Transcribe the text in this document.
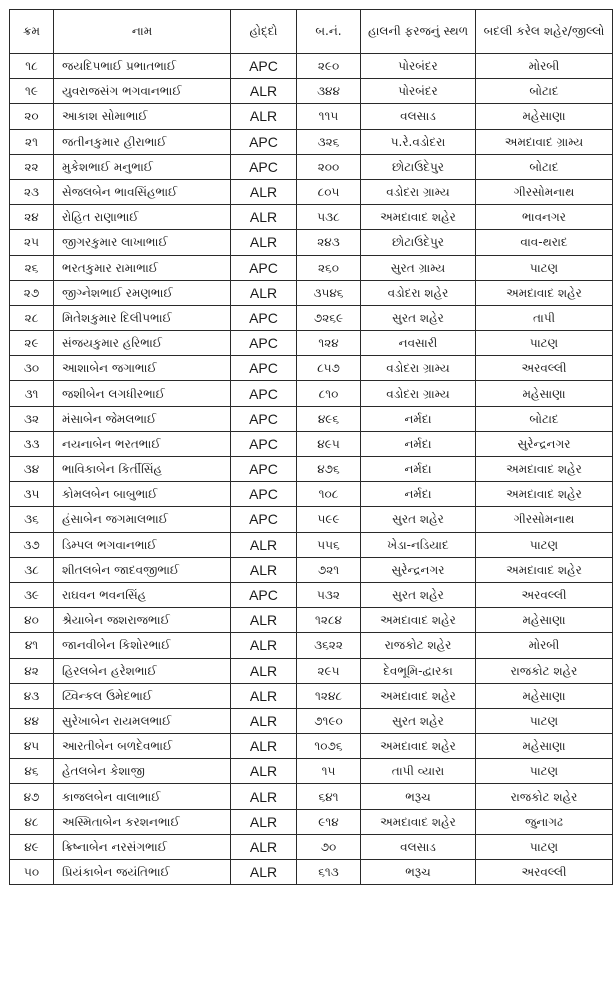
ક્રમ	નામ	હોદ્દો	બ.નં.	હાલની ફરજનું સ્થળ	બદલી કરેલ શહેર/જીલ્લો
૧૮	જયદિપભાઈ પ્રભાતભાઈ	APC	૨૯૦	પોરબંદર	મોરબી
૧૯	યુવરાજસંગ ભગવાનભાઈ	ALR	૩૪૪	પોરબંદર	બોટાદ
૨૦	આકાશ સોમાભાઈ	ALR	૧૧૫	વલસાડ	મહેસાણા
૨૧	જતીનકુમાર હીરાભાઈ	APC	૩૨૬	પ.રે.વડોદરા	અમદાવાદ ગ્રામ્ય
૨૨	મુકેશભાઈ મનુભાઈ	APC	૨૦૦	છોટાઉદેપુર	બોટાદ
૨૩	સેજલબેન ભાવસિંહભાઈ	ALR	૮૦૫	વડોદરા ગ્રામ્ય	ગીરસોમનાથ
૨૪	રોહિત રાણાભાઈ	ALR	૫૩૮	અમદાવાદ શહેર	ભાવનગર
૨૫	જીગરકુમાર લાખાભાઈ	ALR	૨૪૩	છોટાઉદેપુર	વાવ-થરાદ
૨૬	ભરતકુમાર રામાભાઈ	APC	૨૬૦	સુરત ગ્રામ્ય	પાટણ
૨૭	જીગ્નેશભાઈ રમણભાઈ	ALR	૩૫૪૬	વડોદરા શહેર	અમદાવાદ શહેર
૨૮	મિતેશકુમાર દિલીપભાઈ	APC	૭૨૬૯	સુરત શહેર	તાપી
૨૯	સંજયકુમાર હરિભાઈ	APC	૧૨૪	નવસારી	પાટણ
૩૦	આશાબેન જગાભાઈ	APC	૮૫૭	વડોદરા ગ્રામ્ય	અરવલ્લી
૩૧	જશીબેન લગધીરભાઈ	APC	૮૧૦	વડોદરા ગ્રામ્ય	મહેસાણા
૩૨	મંસાબેન જેમલભાઈ	APC	૪૯૬	નર્મદા	બોટાદ
૩૩	નયનાબેન ભરતભાઈ	APC	૪૯૫	નર્મદા	સુરેન્દ્રનગર
૩૪	ભાવિકાબેન કિર્તીસિંહ	APC	૪૭૬	નર્મદા	અમદાવાદ શહેર
૩૫	કોમલબેન બાબુભાઈ	APC	૧૦૮	નર્મદા	અમદાવાદ શહેર
૩૬	હંસાબેન જગમાલભાઈ	APC	૫૯૯	સુરત શહેર	ગીરસોમનાથ
૩૭	ડિમ્પલ ભગવાનભાઈ	ALR	૫૫૬	ખેડા-નડિયાદ	પાટણ
૩૮	શીતલબેન જાદવજીભાઈ	ALR	૭૨૧	સુરેન્દ્રનગર	અમદાવાદ શહેર
૩૯	રાઘવન ભવનસિંહ	APC	૫૩૨	સુરત શહેર	અરવલ્લી
૪૦	શ્રેયાબેન જશરાજભાઈ	ALR	૧૨૮૪	અમદાવાદ શહેર	મહેસાણા
૪૧	જાનવીબેન કિશોરભાઈ	ALR	૩૬૨૨	રાજકોટ શહેર	મોરબી
૪૨	હિરલબેન હરેશભાઈ	ALR	૨૯૫	દેવભૂમિ-દ્વારકા	રાજકોટ શહેર
૪૩	ટ્વિન્કલ ઉમેદભાઈ	ALR	૧૨૪૮	અમદાવાદ શહેર	મહેસાણા
૪૪	સુરેખાબેન રાયમલભાઈ	ALR	૭૧૯૦	સુરત શહેર	પાટણ
૪૫	આરતીબેન બળદેવભાઈ	ALR	૧૦૭૬	અમદાવાદ શહેર	મહેસાણા
૪૬	હેતલબેન કેશાજી	ALR	૧૫	તાપી વ્યારા	પાટણ
૪૭	કાજલબેન વાલાભાઈ	ALR	૬૪૧	ભરૂચ	રાજકોટ શહેર
૪૮	અસ્મિતાબેન કરશનભાઈ	ALR	૯૧૪	અમદાવાદ શહેર	જુનાગઢ
૪૯	ક્રિષ્નાબેન નરસંગભાઈ	ALR	૭૦	વલસાડ	પાટણ
૫૦	પ્રિયંકાબેન જયંતિભાઈ	ALR	૬૧૩	ભરૂચ	અરવલ્લી
